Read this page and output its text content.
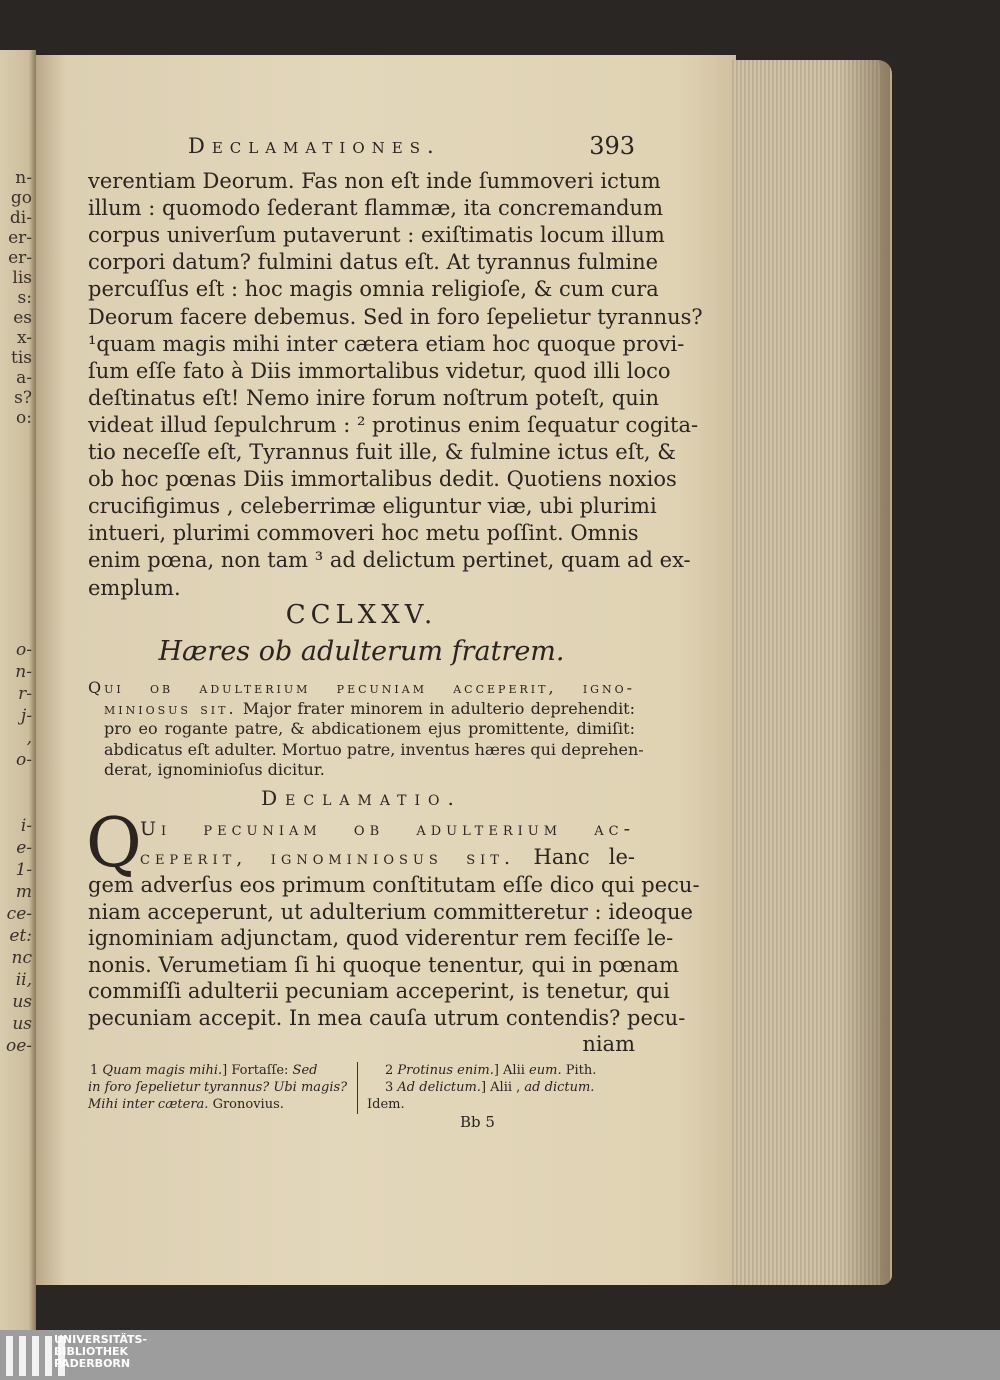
n-
go
di-
er-
er-
lis
s:
es
x-
tis
a-
s?
o:
o-
n-
r-
j-
,
o-
i-
e-
1-
m
ce-
et:
nc
ii,
us
us
oe-
Declamationes.	393
verentiam Deorum. Fas non eſt inde ſummoveri ictum
illum : quomodo ſederant flammæ, ita concremandum
corpus univerſum putaverunt : exiſtimatis locum illum
corpori datum? fulmini datus eſt. At tyrannus fulmine
percuſſus eſt : hoc magis omnia religioſe, & cum cura
Deorum facere debemus. Sed in foro ſepelietur tyrannus?
¹quam magis mihi inter cætera etiam hoc quoque provi-
ſum eſſe fato à Diis immortalibus videtur, quod illi loco
deſtinatus eſt! Nemo inire forum noſtrum poteſt, quin
videat illud ſepulchrum : ² protinus enim ſequatur cogita-
tio neceſſe eſt, Tyrannus fuit ille, & fulmine ictus eſt, &
ob hoc pœnas Diis immortalibus dedit. Quotiens noxios
crucifigimus , celeberrimæ eliguntur viæ, ubi plurimi
intueri, plurimi commoveri hoc metu poſſint. Omnis
enim pœna, non tam ³ ad delictum pertinet, quam ad ex-
emplum.
CCLXXV.
Hæres ob adulterum fratrem.
Qui ob adulterium pecuniam acceperit, igno-
miniosus sit. Major frater minorem in adulterio deprehendit:
pro eo rogante patre, & abdicationem ejus promittente, dimiſit:
abdicatus eſt adulter. Mortuo patre, inventus hæres qui deprehen-
derat, ignominioſus dicitur.
Declamatio.
Q
Ui pecuniam ob adulterium ac-
ceperit, ignominiosus sit. Hanc le-
gem adverſus eos primum conſtitutam eſſe dico qui pecu-
niam acceperunt, ut adulterium committeretur : ideoque
ignominiam adjunctam, quod viderentur rem feciſſe le-
nonis. Verumetiam ſi hi quoque tenentur, qui in pœnam
commiſſi adulterii pecuniam acceperint, is tenetur, qui
pecuniam accepit. In mea cauſa utrum contendis? pecu-
niam
1 Quam magis mihi.] Fortaſſe: Sed
in foro ſepelietur tyrannus? Ubi magis?
Mihi inter cætera. Gronovius.
2 Protinus enim.] Alii eum. Pith.
3 Ad delictum.] Alii , ad dictum.
Idem.
Bb 5
UNIVERSITÄTS-
BIBLIOTHEK
PADERBORN
